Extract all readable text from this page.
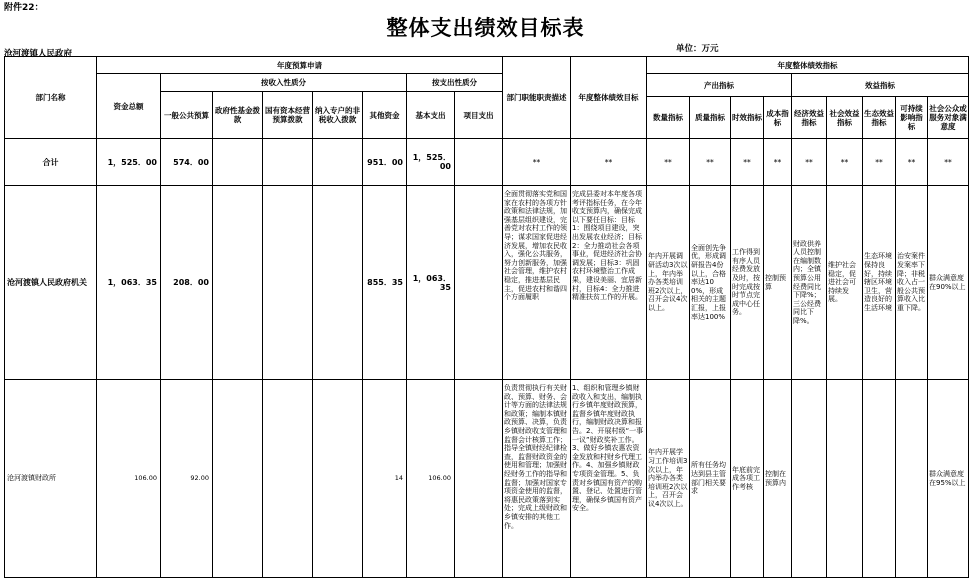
附件22：
整体支出绩效目标表
单位：万元
沧河渡镇人民政府
部门名称	年度预算申请								部门职能职责描述	年度整体绩效目标	年度整体绩效指标								
	资金总额	按收入性质分					按支出性质分				产出指标				效益指标				
		一般公共预算	政府性基金拨款	国有资本经营预算拨款	纳入专户的非税收入拨款	其他资金	基本支出	项目支出											
											数量指标	质量指标	时效指标	成本指标	经济效益指标	社会效益指标	生态效益指标	可持续影响指标	社会公众或服务对象满意度
合计	1，525．00	574．00				951．00	1，525．00		**	**	**	**	**	**	**	**	**	**	**
沧河渡镇人民政府机关	1，063．35	208．00				855．35	1，063．35		全面贯彻落实党和国家在农村的各项方针政策和法律法规，加强基层组织建设，完善党对农村工作的领导；谋求国家促进经济发展，增加农民收入，强化公共服务，努力创新服务，加强社会管理，维护农村稳定，推进基层民主，促进农村和谐四个方面履职	完成县委对本年度各项考评指标任务，在今年收支预算内，确保完成以下要任目标：目标1：围绕项目建设，突出发展农业经济；目标2：全力推动社会各项事业，促进经济社会协调发展；目标3：巩固农村环境整治工作成果，建设美丽、宜居新村，目标4：全力推进精准扶贫工作的开展。	年内开展调研活动3次以上，年内举办各类培训班2次以上，召开会议4次以上。	全面创先争优，形成调研报告4份以上，合格率达100%，形成相关的主题汇报，上报率达100%	工作得到有序人员经费发放及时，按时完成按时节点完成中心任务。	控制预算	财政供养人员控制在编制数内；全镇预算公用经费同比下降%；三公经费同比下降%。	维护社会稳定，促进社会可持续发展。	生态环境保持良好，持续辖区环境卫生，营造良好的生活环境	治安案件发案率下降；非税收入占一般公共预算收入比重下降。	群众满意度在90%以上
沧河渡镇财政所	106.00	92.00				14	106.00		负责贯彻执行有关财政、预算、财务、会计等方面的法律法规和政策；编制本镇财政预算、决算，负责乡镇财政收支管理和监督会计核算工作；指导全镇财经纪律检查，监督财政资金的使用和管理；加强财经财务工作的指导和监督；加强对国家专项资金使用的监督，将惠民政策落到实处；完成上级财政和乡镇安排的其他工作。	1、组织和管理乡镇财政收入和支出，编制执行乡镇年度财政预算，监督乡镇年度财政执行，编制财政决算和报告。2、开展村级“一事一议”财政奖补工作。3、做好乡镇农惠农资金发放和村财乡代理工作。4、加强乡镇财政专项资金管理。5、负责对乡镇国有资产的购置、登记、处置进行管理，确保乡镇国有资产安全。	年内开展学习工作培训3次以上，年内举办各类培训班2次以上，召开会议4次以上。	所有任务均达到县主管部门相关要求	年底前完成各项工作考核	控制在预算内					群众满意度在95%以上
